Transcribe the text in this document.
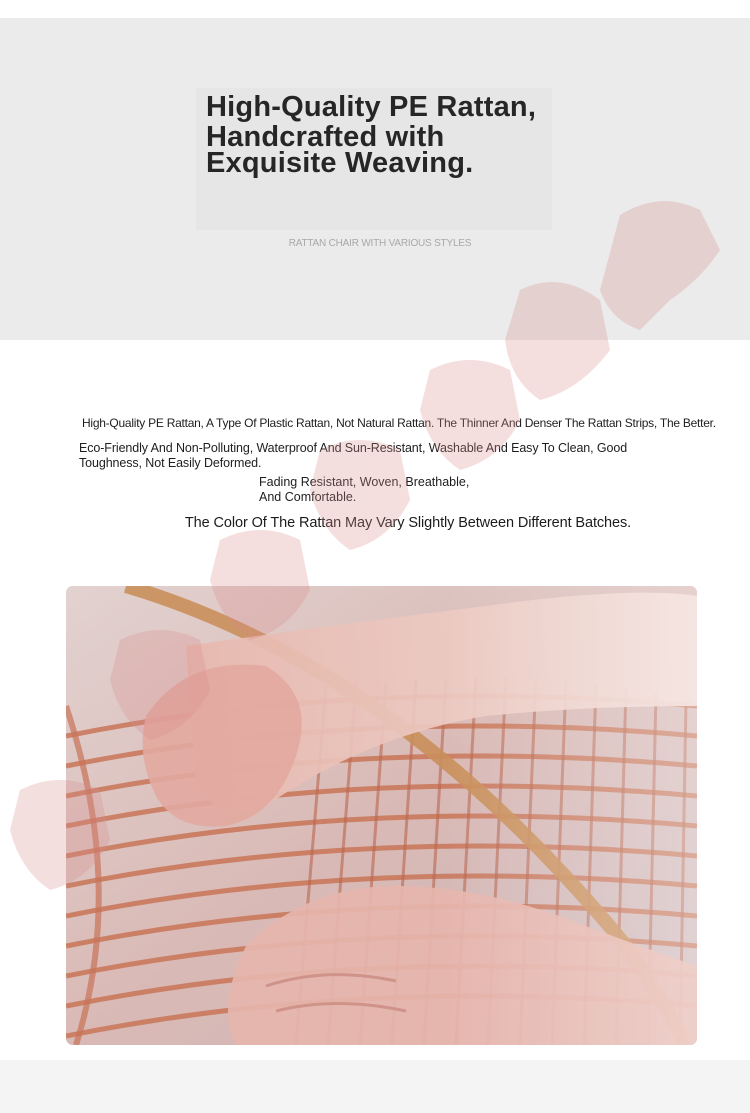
High-Quality PE Rattan,
Handcrafted with
Exquisite Weaving.
RATTAN CHAIR WITH VARIOUS STYLES

High-Quality PE Rattan, A Type Of Plastic Rattan, Not Natural Rattan. The Thinner And Denser The Rattan Strips, The Better.

Eco-Friendly And Non-Polluting, Waterproof And Sun-Resistant, Washable And Easy To Clean, Good Toughness, Not Easily Deformed.

Fading Resistant, Woven, Breathable, And Comfortable.

The Color Of The Rattan May Vary Slightly Between Different Batches.
